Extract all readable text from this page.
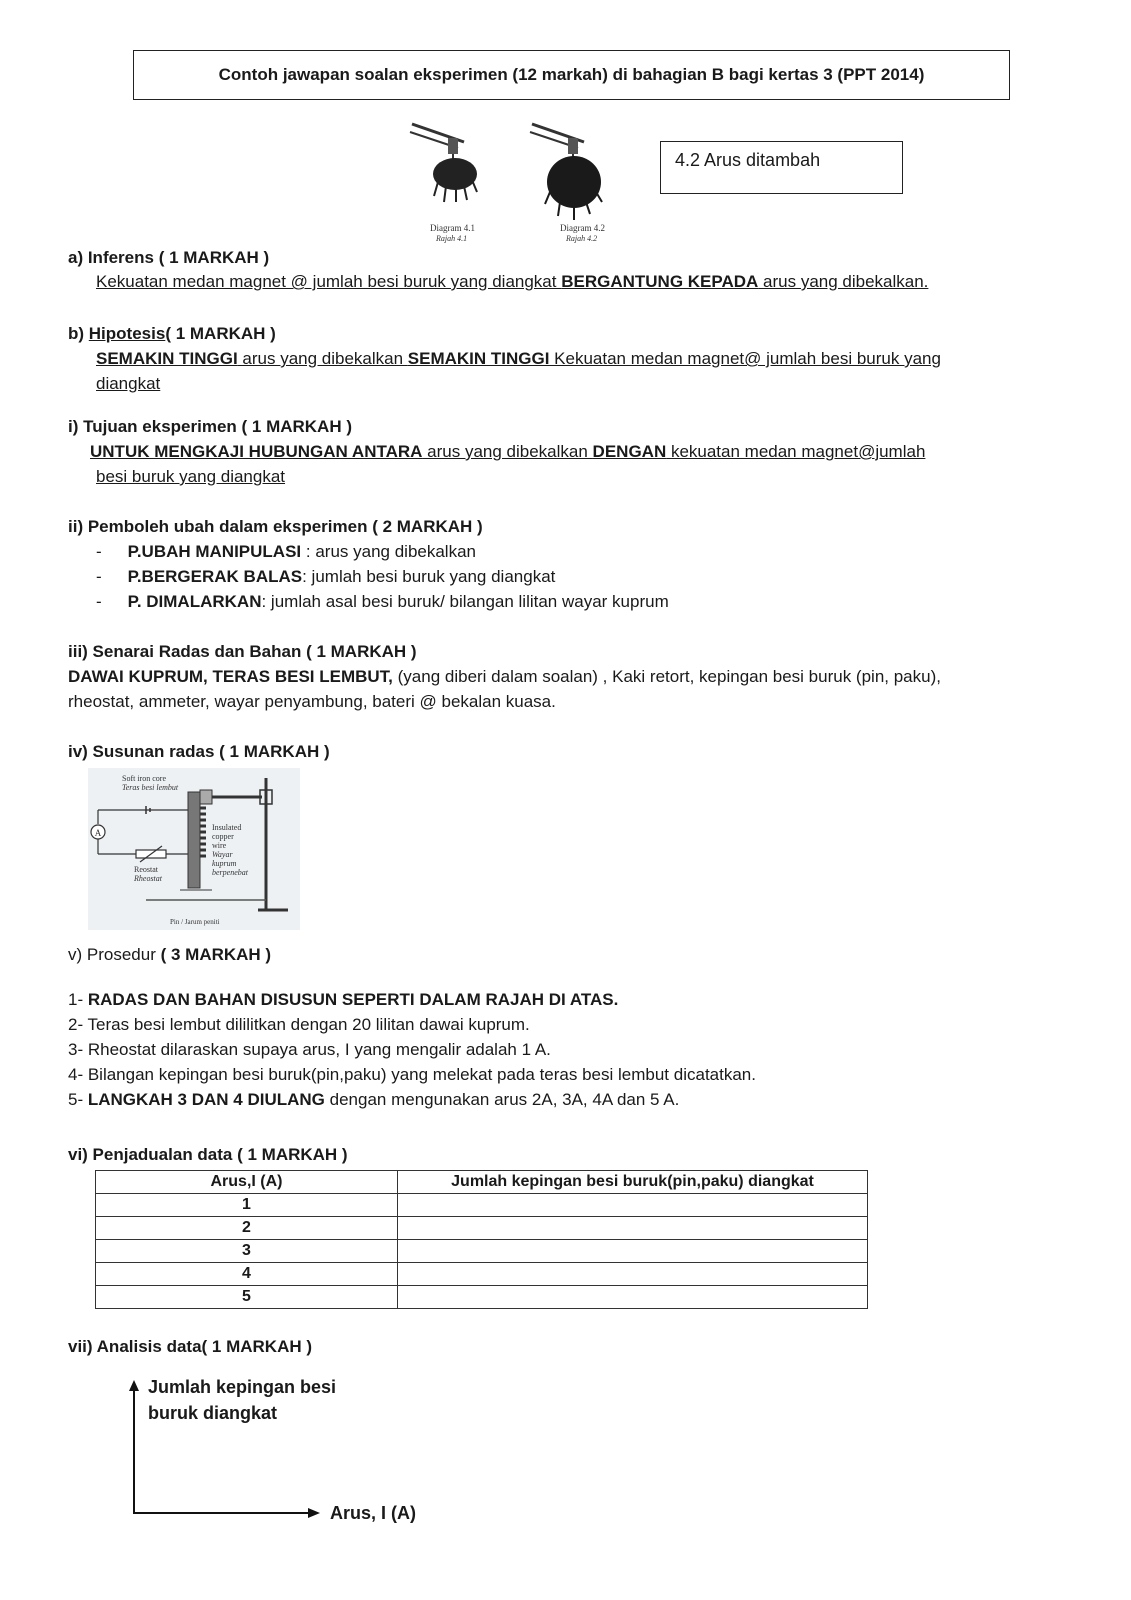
Contoh jawapan soalan eksperimen (12 markah) di bahagian B bagi kertas 3 (PPT 2014)
Diagram 4.1
Rajah 4.1
Diagram 4.2
Rajah 4.2
4.2 Arus ditambah
a) Inferens ( 1 MARKAH )
Kekuatan medan magnet @ jumlah besi buruk yang diangkat BERGANTUNG KEPADA arus yang dibekalkan.
b) Hipotesis( 1 MARKAH )
SEMAKIN TINGGI arus yang dibekalkan SEMAKIN TINGGI Kekuatan medan magnet@ jumlah besi buruk yang
diangkat
i) Tujuan eksperimen ( 1 MARKAH )
UNTUK MENGKAJI HUBUNGAN ANTARA arus yang dibekalkan DENGAN kekuatan medan magnet@jumlah
besi buruk yang diangkat
ii) Pemboleh ubah dalam eksperimen ( 2 MARKAH )
- P.UBAH MANIPULASI : arus yang dibekalkan
- P.BERGERAK BALAS: jumlah besi buruk yang diangkat
- P. DIMALARKAN: jumlah asal besi buruk/ bilangan lilitan wayar kuprum
iii) Senarai Radas dan Bahan ( 1 MARKAH )
DAWAI KUPRUM, TERAS BESI LEMBUT, (yang diberi dalam soalan) , Kaki retort, kepingan besi buruk (pin, paku),
rheostat, ammeter, wayar penyambung, bateri @ bekalan kuasa.
iv) Susunan radas ( 1 MARKAH )
A
Soft iron core
Teras besi lembut
Insulated
copper
wire
Wayar
kuprum
berpenebat
Reostat
Rheostat
Pin / Jarum peniti
v) Prosedur ( 3 MARKAH )
1- RADAS DAN BAHAN DISUSUN SEPERTI DALAM RAJAH DI ATAS.
2- Teras besi lembut dililitkan dengan 20 lilitan dawai kuprum.
3- Rheostat dilaraskan supaya arus, I yang mengalir adalah 1 A.
4- Bilangan kepingan besi buruk(pin,paku) yang melekat pada teras besi lembut dicatatkan.
5- LANGKAH 3 DAN 4 DIULANG dengan mengunakan arus 2A, 3A, 4A dan 5 A.
vi) Penjadualan data ( 1 MARKAH )
Arus,I (A)	Jumlah kepingan besi buruk(pin,paku) diangkat
1	
2	
3	
4	
5	
vii) Analisis data( 1 MARKAH )
Jumlah kepingan besi
buruk diangkat
Arus, I (A)
